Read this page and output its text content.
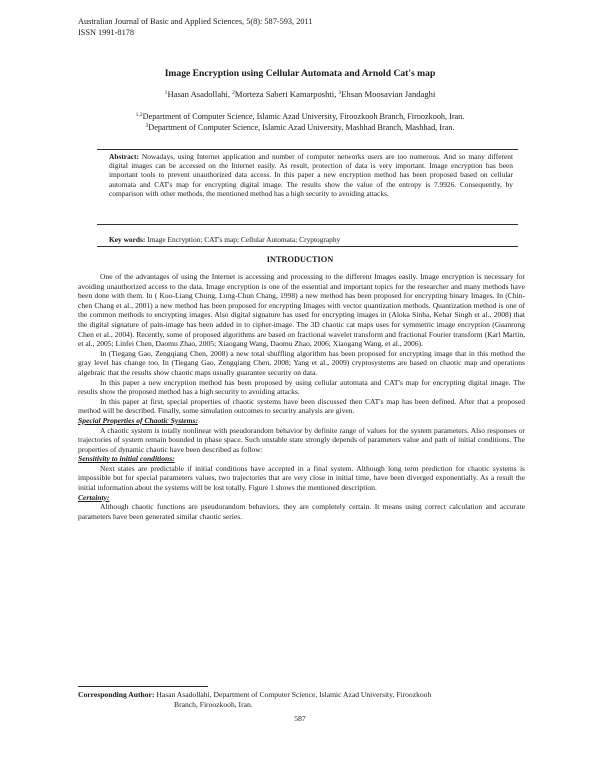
Australian Journal of Basic and Applied Sciences, 5(8): 587-593, 2011
ISSN 1991-8178
Image Encryption using Cellular Automata and Arnold Cat's map
$^1$Hasan Asadollahi, $^2$Morteza Saberi Kamarposhti, $^3$Ehsan Moosavian Jandaghi
$^{1,2}$Department of Computer Science, Islamic Azad University, Firoozkooh Branch, Firoozkooh, Iran.
$^3$Department of Computer Science, Islamic Azad University, Mashhad Branch, Mashhad, Iran.
Abstract: Nowadays, using Internet application and number of computer networks users are too numerous. And so many different digital images can be accessed on the Internet easily. As result, protection of data is very important. Image encryption has been important tools to prevent unauthorized data access. In this paper a new encryption method has been proposed based on cellular automata and CAT's map for encrypting digital image. The results show the value of the entropy is 7.9926. Consequently, by comparison with other methods, the mentioned method has a high security to avoiding attacks.
Key words: Image Encryption; CAT's map; Cellular Automata; Cryptography
INTRODUCTION

One of the advantages of using the Internet is accessing and processing to the different Images easily. Image encryption is necessary for avoiding unauthorized access to the data. Image encryption is one of the essential and important topics for the researcher and many methods have been done with them. In ( Kuo-Liang Chung, Lung-Chun Chang, 1998) a new method has been proposed for encrypting binary Images. In (Chin-chen Chang et al., 2001) a new method has been proposed for encrypting Images with vector quantization methods. Quantization method is one of the common methods to encrypting images. Also digital signature has used for encrypting images in (Aloka Sinha, Kehar Singh et al., 2008) that the digital signature of pain-image has been added in to cipher-image. The 3D chaotic cat maps uses for symmetric image encryption (Guanrong Chen et al., 2004). Recently, some of proposed algorithms are based on fractional wavelet transform and fractional Fourier transform (Karl Martin, et al., 2005; Linfei Chen, Daomu Zhao, 2005; Xiaogang Wang, Daomu Zhao, 2006; Xiaogang Wang, et al., 2006).

In (Tiegang Gao, Zengqiang Chen, 2008) a new total shuffling algorithm has been proposed for encrypting image that in this method the gray level has change too. In (Tiegang Gao, Zengqiang Chen, 2008; Yang et al., 2009) cryptosystems are based on chaotic map and operations algebraic that the results show chaotic maps usually guarantee security on data.

In this paper a new encryption method has been proposed by using cellular automata and CAT's map for encrypting digital image. The results show the proposed method has a high security to avoiding attacks.

In this paper at first, special properties of chaotic systems have been discussed then CAT's map has been defined. After that a proposed method will be described. Finally, some simulation outcomes to security analysis are given.

Special Properties of Chaotic Systems:

A chaotic system is totally nonlinear with pseudorandom behavior by definite range of values for the system parameters. Also responses or trajectories of system remain bounded in phase space. Such unstable state strongly depends of parameters value and path of initial conditions. The properties of dynamic chaotic have been described as follow:

Sensitivity to initial conditions:

Next states are predictable if initial conditions have accepted in a final system. Although long term prediction for chaotic systems is impossible but for special parameters values, two trajectories that are very close in initial time, have been diverged exponentially. As a result the initial information about the systems will be lost totally. Figure 1 shows the mentioned description.

Certainty:

Although chaotic functions are pseudorandom behaviors, they are completely certain. It means using correct calculation and accurate parameters have been generated similar chaotic series.

Corresponding Author: Hasan Asadollahi, Department of Computer Science, Islamic Azad University, Firoozkooh
Branch, Firoozkooh, Iran.
587
